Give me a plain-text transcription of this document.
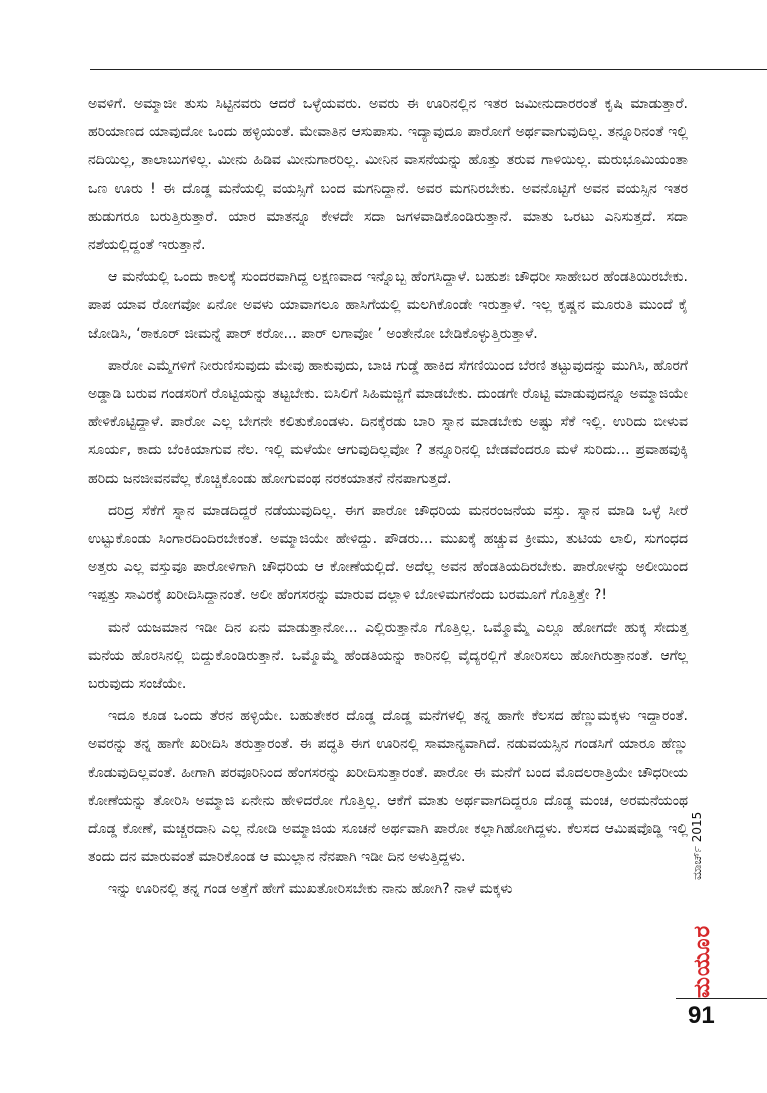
ಅವಳಿಗೆ. ಅಮ್ಮಾಜೀ ತುಸು ಸಿಟ್ಟಿನವರು ಆದರೆ ಒಳ್ಳೆಯವರು. ಅವರು ಈ ಊರಿನಲ್ಲಿನ ಇತರ ಜಮೀನುದಾರರಂತೆ ಕೃಷಿ ಮಾಡುತ್ತಾರೆ. ಹರಿಯಾಣದ ಯಾವುದೋ ಒಂದು ಹಳ್ಳಿಯಂತೆ. ಮೇವಾತಿನ ಆಸುಪಾಸು. ಇದ್ಯಾವುದೂ ಪಾರೋಗೆ ಅರ್ಥವಾಗುವುದಿಲ್ಲ. ತನ್ನೂರಿನಂತೆ ಇಲ್ಲಿ ನದಿಯಿಲ್ಲ, ತಾಲಾಬುಗಳಿಲ್ಲ. ಮೀನು ಹಿಡಿವ ಮೀನುಗಾರರಿಲ್ಲ. ಮೀನಿನ ವಾಸನೆಯನ್ನು ಹೊತ್ತು ತರುವ ಗಾಳಿಯಿಲ್ಲ. ಮರುಭೂಮಿಯಂತಾ ಒಣ ಊರು ! ಈ ದೊಡ್ಡ ಮನೆಯಲ್ಲಿ ವಯಸ್ಸಿಗೆ ಬಂದ ಮಗನಿದ್ದಾನೆ. ಅವರ ಮಗನಿರಬೇಕು. ಅವನೊಟ್ಟಿಗೆ ಅವನ ವಯಸ್ಸಿನ ಇತರ ಹುಡುಗರೂ ಬರುತ್ತಿರುತ್ತಾರೆ. ಯಾರ ಮಾತನ್ನೂ ಕೇಳದೇ ಸದಾ ಜಗಳವಾಡಿಕೊಂಡಿರುತ್ತಾನೆ. ಮಾತು ಒರಟು ಎನಿಸುತ್ತದೆ. ಸದಾ ನಶೆಯಲ್ಲಿದ್ದಂತೆ ಇರುತ್ತಾನೆ.

ಆ ಮನೆಯಲ್ಲಿ ಒಂದು ಕಾಲಕ್ಕೆ ಸುಂದರವಾಗಿದ್ದ ಲಕ್ಷಣವಾದ ಇನ್ನೊಬ್ಬ ಹೆಂಗಸಿದ್ದಾಳೆ. ಬಹುಶಃ ಚೌಧರೀ ಸಾಹೇಬರ ಹೆಂಡತಿಯಿರಬೇಕು. ಪಾಪ ಯಾವ ರೋಗವೋ ಏನೋ ಅವಳು ಯಾವಾಗಲೂ ಹಾಸಿಗೆಯಲ್ಲಿ ಮಲಗಿಕೊಂಡೇ ಇರುತ್ತಾಳೆ. ಇಲ್ಲ ಕೃಷ್ಣನ ಮೂರುತಿ ಮುಂದೆ ಕೈ ಜೋಡಿಸಿ, ‘ಠಾಕೂರ್ ಜೀಮನ್ನೆ ಪಾರ್ ಕರೋ... ಪಾರ್ ಲಗಾವೋ ’ ಅಂತೇನೋ ಬೇಡಿಕೊಳ್ಳುತ್ತಿರುತ್ತಾಳೆ.

ಪಾರೋ ಎಮ್ಮೆಗಳಿಗೆ ನೀರುಣಿಸುವುದು ಮೇವು ಹಾಕುವುದು, ಬಾಚಿ ಗುಡ್ಡೆ ಹಾಕಿದ ಸೆಗಣಿಯಿಂದ ಬೆರಣಿ ತಟ್ಟುವುದನ್ನು ಮುಗಿಸಿ, ಹೊರಗೆ ಅಡ್ಡಾಡಿ ಬರುವ ಗಂಡಸರಿಗೆ ರೊಟ್ಟಿಯನ್ನು ತಟ್ಟಬೇಕು. ಬಿಸಿಲಿಗೆ ಸಿಹಿಮಜ್ಜಿಗೆ ಮಾಡಬೇಕು. ದುಂಡಗೇ ರೊಟ್ಟಿ ಮಾಡುವುದನ್ನೂ ಅಮ್ಮಾಜಿಯೇ ಹೇಳಿಕೊಟ್ಟಿದ್ದಾಳೆ. ಪಾರೋ ಎಲ್ಲ ಬೇಗನೇ ಕಲಿತುಕೊಂಡಳು. ದಿನಕ್ಕೆರಡು ಬಾರಿ ಸ್ನಾನ ಮಾಡಬೇಕು ಅಷ್ಟು ಸೆಕೆ ಇಲ್ಲಿ. ಉರಿದು ಬೀಳುವ ಸೂರ್ಯ, ಕಾದು ಬೆಂಕಿಯಾಗುವ ನೆಲ. ಇಲ್ಲಿ ಮಳೆಯೇ ಆಗುವುದಿಲ್ಲವೋ ? ತನ್ನೂರಿನಲ್ಲಿ ಬೇಡವೆಂದರೂ ಮಳೆ ಸುರಿದು... ಪ್ರವಾಹವುಕ್ಕಿ ಹರಿದು ಜನಜೀವನವೆಲ್ಲ ಕೊಚ್ಚಿಕೊಂಡು ಹೋಗುವಂಥ ನರಕಯಾತನೆ ನೆನಪಾಗುತ್ತದೆ.

ದರಿದ್ರ ಸೆಕೆಗೆ ಸ್ನಾನ ಮಾಡದಿದ್ದರೆ ನಡೆಯುವುದಿಲ್ಲ. ಈಗ ಪಾರೋ ಚೌಧರಿಯ ಮನರಂಜನೆಯ ವಸ್ತು. ಸ್ನಾನ ಮಾಡಿ ಒಳ್ಳೆ ಸೀರೆ ಉಟ್ಟುಕೊಂಡು ಸಿಂಗಾರದಿಂದಿರಬೇಕಂತೆ. ಅಮ್ಮಾಜಿಯೇ ಹೇಳಿದ್ದು. ಪೌಡರು... ಮುಖಕ್ಕೆ ಹಚ್ಚುವ ಕ್ರೀಮು, ತುಟಿಯ ಲಾಲಿ, ಸುಗಂಧದ ಅತ್ತರು ಎಲ್ಲ ವಸ್ತುವೂ ಪಾರೋಳಿಗಾಗಿ ಚೌಧರಿಯ ಆ ಕೋಣೆಯಲ್ಲಿದೆ. ಅದೆಲ್ಲ ಅವನ ಹೆಂಡತಿಯದಿರಬೇಕು. ಪಾರೋಳನ್ನು ಅಲೀಯಿಂದ ಇಪ್ಪತ್ತು ಸಾವಿರಕ್ಕೆ ಖರೀದಿಸಿದ್ದಾನಂತೆ. ಅಲೀ ಹೆಂಗಸರನ್ನು ಮಾರುವ ದಲ್ಲಾಳಿ ಬೋಳಿಮಗನೆಂದು ಬರಮೂಗೆ ಗೊತ್ತಿತ್ತೇ ?!

ಮನೆ ಯಜಮಾನ ಇಡೀ ದಿನ ಏನು ಮಾಡುತ್ತಾನೋ... ಎಲ್ಲಿರುತ್ತಾನೊ ಗೊತ್ತಿಲ್ಲ. ಒಮ್ಮೊಮ್ಮೆ ಎಲ್ಲೂ ಹೋಗದೇ ಹುಕ್ಕ ಸೇದುತ್ತ ಮನೆಯ ಹೊರಸಿನಲ್ಲಿ ಬಿದ್ದುಕೊಂಡಿರುತ್ತಾನೆ. ಒಮ್ಮೊಮ್ಮೆ ಹೆಂಡತಿಯನ್ನು ಕಾರಿನಲ್ಲಿ ವೈದ್ಯರಲ್ಲಿಗೆ ತೋರಿಸಲು ಹೋಗಿರುತ್ತಾನಂತೆ. ಆಗೆಲ್ಲ ಬರುವುದು ಸಂಜೆಯೇ.

ಇದೂ ಕೂಡ ಒಂದು ತೆರನ ಹಳ್ಳಿಯೇ. ಬಹುತೇಕರ ದೊಡ್ಡ ದೊಡ್ಡ ಮನೆಗಳಲ್ಲಿ ತನ್ನ ಹಾಗೇ ಕೆಲಸದ ಹೆಣ್ಣುಮಕ್ಕಳು ಇದ್ದಾರಂತೆ. ಅವರನ್ನು ತನ್ನ ಹಾಗೇ ಖರೀದಿಸಿ ತರುತ್ತಾರಂತೆ. ಈ ಪದ್ಧತಿ ಈಗ ಊರಿನಲ್ಲಿ ಸಾಮಾನ್ಯವಾಗಿದೆ. ನಡುವಯಸ್ಸಿನ ಗಂಡಸಿಗೆ ಯಾರೂ ಹೆಣ್ಣು ಕೊಡುವುದಿಲ್ಲವಂತೆ. ಹೀಗಾಗಿ ಪರವೂರಿನಿಂದ ಹೆಂಗಸರನ್ನು ಖರೀದಿಸುತ್ತಾರಂತೆ. ಪಾರೋ ಈ ಮನೆಗೆ ಬಂದ ಮೊದಲರಾತ್ರಿಯೇ ಚೌಧರೀಯ ಕೋಣೆಯನ್ನು ತೋರಿಸಿ ಅಮ್ಮಾಜಿ ಏನೇನು ಹೇಳಿದರೋ ಗೊತ್ತಿಲ್ಲ. ಆಕೆಗೆ ಮಾತು ಅರ್ಥವಾಗದಿದ್ದರೂ ದೊಡ್ಡ ಮಂಚ, ಅರಮನೆಯಂಥ ದೊಡ್ಡ ಕೋಣೆ, ಮಚ್ಚರದಾನಿ ಎಲ್ಲ ನೋಡಿ ಅಮ್ಮಾಜಿಯ ಸೂಚನೆ ಅರ್ಥವಾಗಿ ಪಾರೋ ಕಲ್ಲಾಗಿಹೋಗಿದ್ದಳು. ಕೆಲಸದ ಆಮಿಷವೊಡ್ಡಿ ಇಲ್ಲಿ ತಂದು ದನ ಮಾರುವಂತೆ ಮಾರಿಕೊಂಡ ಆ ಮುಲ್ಲಾನ ನೆನಪಾಗಿ ಇಡೀ ದಿನ ಅಳುತ್ತಿದ್ದಳು.

ಇನ್ನು ಊರಿನಲ್ಲಿ ತನ್ನ ಗಂಡ ಅತ್ತೆಗೆ ಹೇಗೆ ಮುಖತೋರಿಸಬೇಕು ನಾನು ಹೋಗಿ? ನಾಳೆ ಮಕ್ಕಳು

ಮಾರ್ಚ್ 2015
ಮಯೂರ
91
